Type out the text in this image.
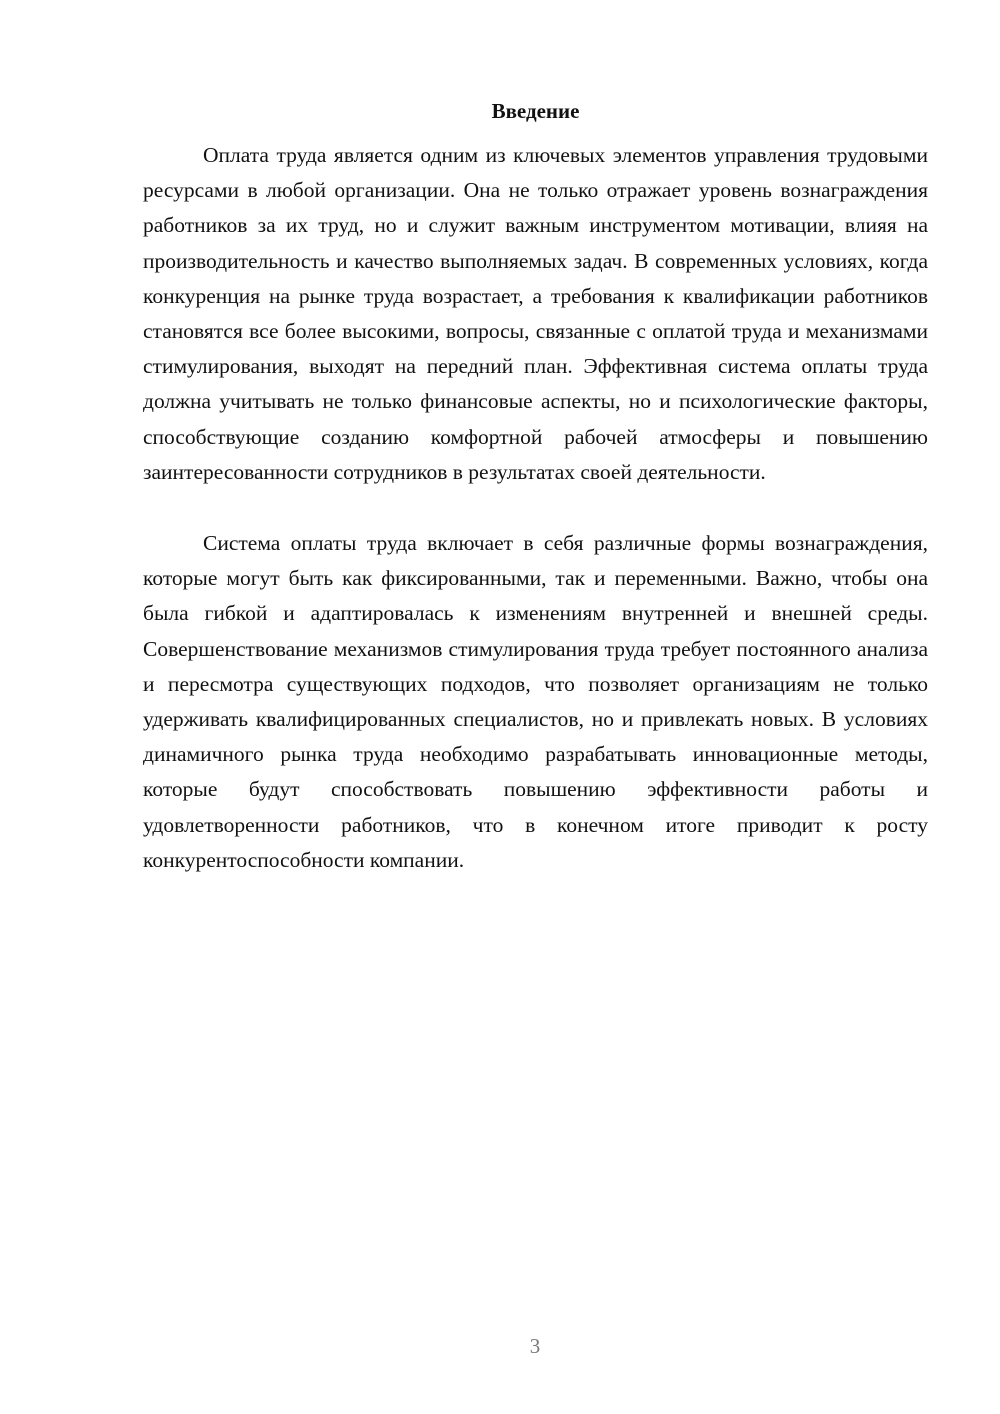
Введение

Оплата труда является одним из ключевых элементов управления трудовыми ресурсами в любой организации. Она не только отражает уровень вознаграждения работников за их труд, но и служит важным инструментом мотивации, влияя на производительность и качество выполняемых задач. В современных условиях, когда конкуренция на рынке труда возрастает, а требования к квалификации работников становятся все более высокими, вопросы, связанные с оплатой труда и механизмами стимулирования, выходят на передний план. Эффективная система оплаты труда должна учитывать не только финансовые аспекты, но и психологические факторы, способствующие созданию комфортной рабочей атмосферы и повышению заинтересованности сотрудников в результатах своей деятельности.

Система оплаты труда включает в себя различные формы вознаграждения, которые могут быть как фиксированными, так и переменными. Важно, чтобы она была гибкой и адаптировалась к изменениям внутренней и внешней среды. Совершенствование механизмов стимулирования труда требует постоянного анализа и пересмотра существующих подходов, что позволяет организациям не только удерживать квалифицированных специалистов, но и привлекать новых. В условиях динамичного рынка труда необходимо разрабатывать инновационные методы, которые будут способствовать повышению эффективности работы и удовлетворенности работников, что в конечном итоге приводит к росту конкурентоспособности компании.

3
